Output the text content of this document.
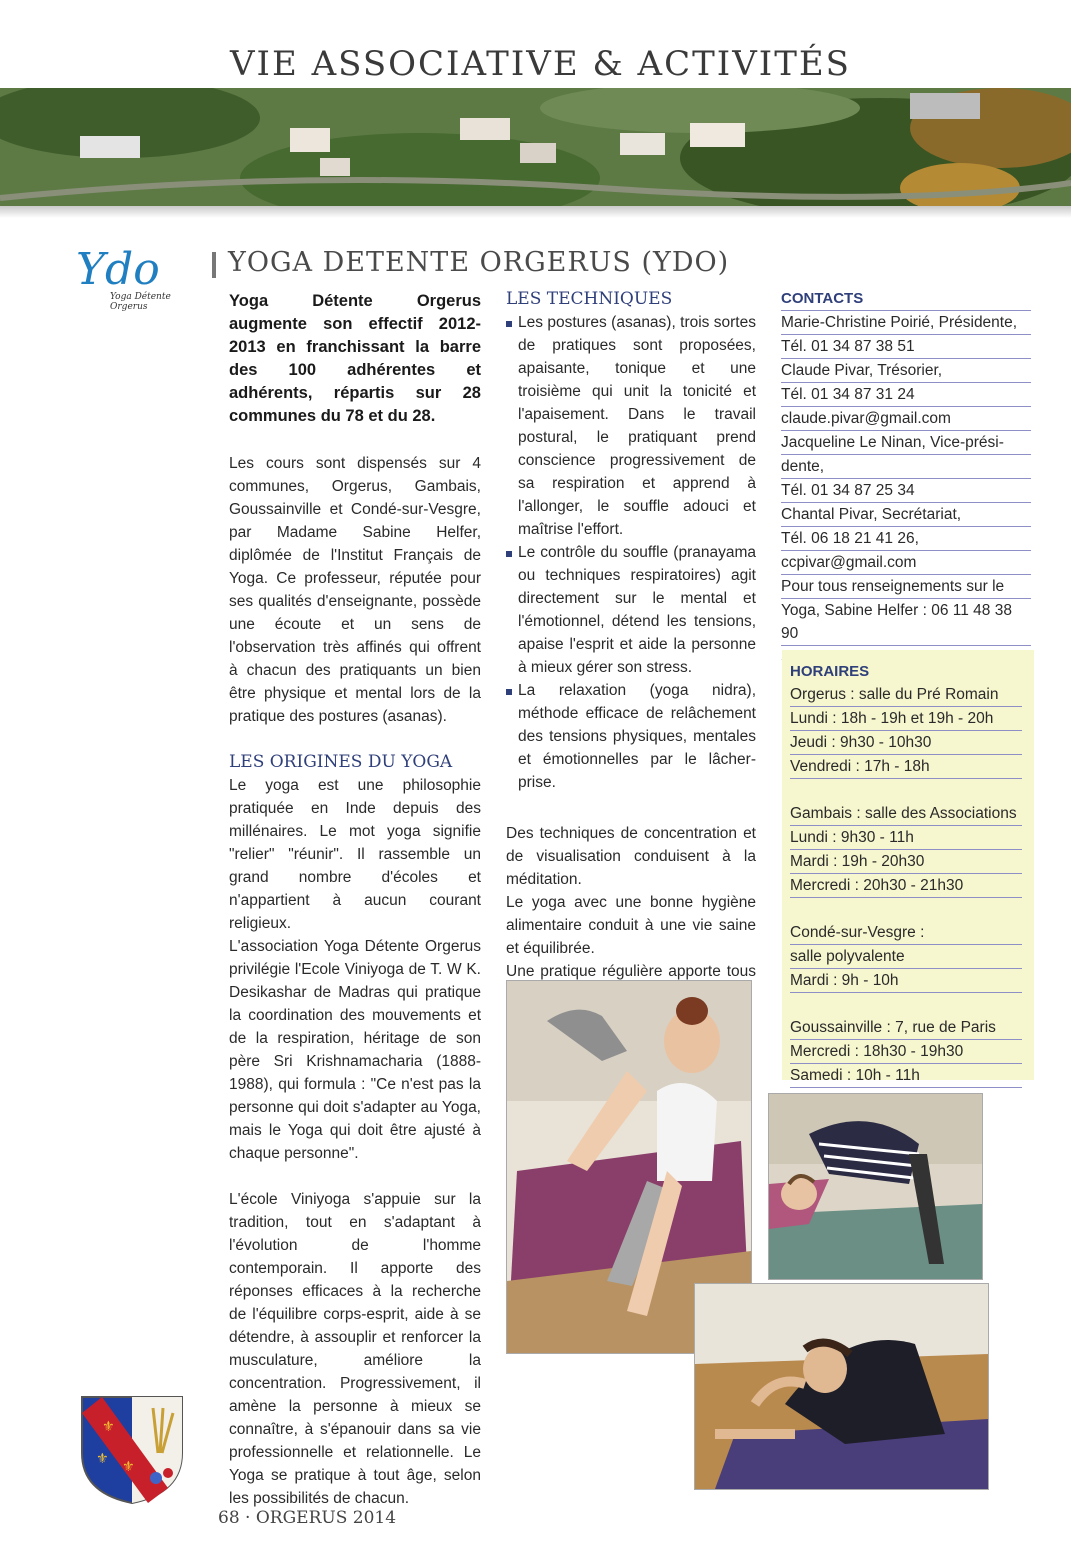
VIE ASSOCIATIVE & ACTIVITÉS
Ydo
Yoga Détente Orgerus
YOGA DETENTE ORGERUS (YDO)

Yoga Détente Orgerus augmente son effectif 2012-2013 en franchissant la barre des 100 adhérentes et adhérents, répartis sur 28 communes du 78 et du 28.

Les cours sont dispensés sur 4 communes, Orgerus, Gambais, Goussainville et Condé-sur-Vesgre, par Madame Sabine Helfer, diplômée de l'Institut Français de Yoga. Ce professeur, réputée pour ses qualités d'enseignante, possède une écoute et un sens de l'observation très affinés qui offrent à chacun des pratiquants un bien être physique et mental lors de la pratique des postures (asanas).

LES ORIGINES DU YOGA

Le yoga est une philosophie pratiquée en Inde depuis des millénaires. Le mot yoga signifie "relier" "réunir". Il rassemble un grand nombre d'écoles et n'appartient à aucun courant religieux.

L'association Yoga Détente Orgerus privilégie l'Ecole Viniyoga de T. W K. Desikashar de Madras qui pratique la coordination des mouvements et de la respiration, héritage de son père Sri Krishnamacharia (1888-1988), qui formula : "Ce n'est pas la personne qui doit s'adapter au Yoga, mais le Yoga qui doit être ajusté à chaque personne".

L'école Viniyoga s'appuie sur la tradition, tout en s'adaptant à l'évolution de l'homme contemporain. Il apporte des réponses efficaces à la recherche de l'équilibre corps-esprit, aide à se détendre, à assouplir et renforcer la musculature, améliore la concentration. Progressivement, il amène la personne à mieux se connaître, à s'épanouir dans sa vie professionnelle et relationnelle. Le Yoga se pratique à tout âge, selon les possibilités de chacun.

LES TECHNIQUES

Les postures (asanas), trois sortes de pratiques sont proposées, apaisante, tonique et une troisième qui unit la tonicité et l'apaisement. Dans le travail postural, le pratiquant prend conscience progressivement de sa respiration et apprend à l'allonger, le souffle adouci et maîtrise l'effort.
Le contrôle du souffle (pranayama ou techniques respiratoires) agit directement sur le mental et l'émotionnel, détend les tensions, apaise l'esprit et aide la personne à mieux gérer son stress.
La relaxation (yoga nidra), méthode efficace de relâchement des tensions physiques, mentales et émotionnelles par le lâcher-prise.

Des techniques de concentration et de visualisation conduisent à la méditation.

Le yoga avec une bonne hygiène alimentaire conduit à une vie saine et équilibrée.

Une pratique régulière apporte tous

CONTACTS
Marie-Christine Poirié, Présidente,
Tél. 01 34 87 38 51
Claude Pivar, Trésorier,
Tél. 01 34 87 31 24
claude.pivar@gmail.com
Jacqueline Le Ninan, Vice-prési-
dente,
Tél. 01 34 87 25 34
Chantal Pivar, Secrétariat,
Tél. 06 18 21 41 26,
ccpivar@gmail.com
Pour tous renseignements sur le
Yoga, Sabine Helfer : 06 11 48 38 90
HORAIRES
Orgerus : salle du Pré Romain
Lundi : 18h - 19h et 19h - 20h
Jeudi : 9h30 - 10h30
Vendredi : 17h - 18h
Gambais : salle des Associations
Lundi : 9h30 - 11h
Mardi : 19h - 20h30
Mercredi : 20h30 - 21h30
Condé-sur-Vesgre :
salle polyvalente
Mardi : 9h - 10h
Goussainville : 7, rue de Paris
Mercredi : 18h30 - 19h30
Samedi : 10h - 11h
⚜
⚜ ⚜
68 · ORGERUS 2014
